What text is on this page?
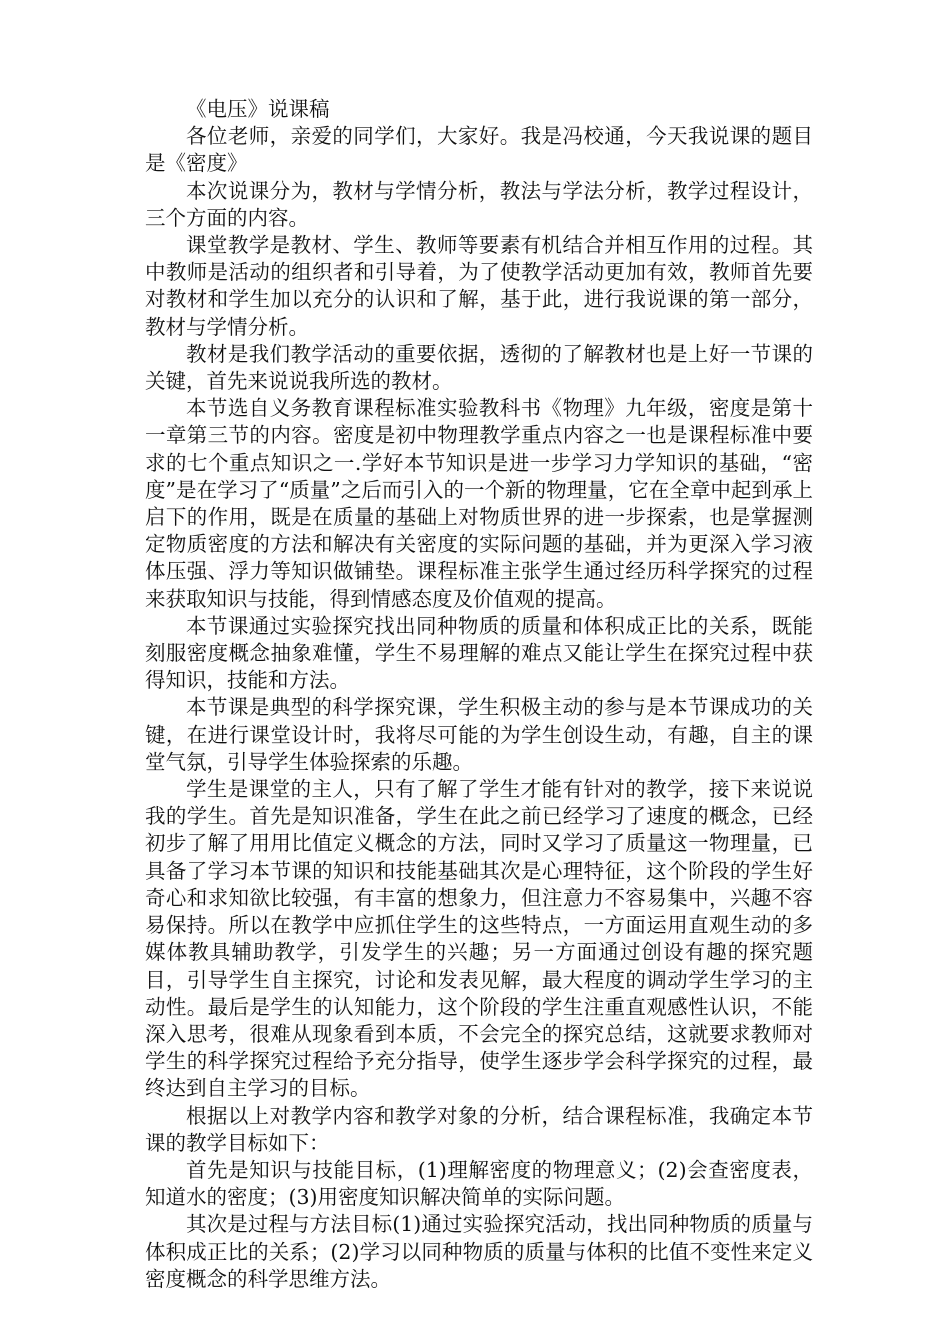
《电压》说课稿

各位老师，亲爱的同学们，大家好。我是冯校通，今天我说课的题目是《密度》

本次说课分为，教材与学情分析，教法与学法分析，教学过程设计，三个方面的内容。

课堂教学是教材、学生、教师等要素有机结合并相互作用的过程。其中教师是活动的组织者和引导着，为了使教学活动更加有效，教师首先要对教材和学生加以充分的认识和了解，基于此，进行我说课的第一部分，教材与学情分析。

教材是我们教学活动的重要依据，透彻的了解教材也是上好一节课的关键，首先来说说我所选的教材。

本节选自义务教育课程标准实验教科书《物理》九年级，密度是第十一章第三节的内容。密度是初中物理教学重点内容之一也是课程标准中要求的七个重点知识之一.学好本节知识是进一步学习力学知识的基础，“密度”是在学习了“质量”之后而引入的一个新的物理量，它在全章中起到承上启下的作用，既是在质量的基础上对物质世界的进一步探索，也是掌握测定物质密度的方法和解决有关密度的实际问题的基础，并为更深入学习液体压强、浮力等知识做铺垫。课程标准主张学生通过经历科学探究的过程来获取知识与技能，得到情感态度及价值观的提高。

本节课通过实验探究找出同种物质的质量和体积成正比的关系，既能刻服密度概念抽象难懂，学生不易理解的难点又能让学生在探究过程中获得知识，技能和方法。

本节课是典型的科学探究课，学生积极主动的参与是本节课成功的关键，在进行课堂设计时，我将尽可能的为学生创设生动，有趣，自主的课堂气氛，引导学生体验探索的乐趣。

学生是课堂的主人，只有了解了学生才能有针对的教学，接下来说说我的学生。首先是知识准备，学生在此之前已经学习了速度的概念，已经初步了解了用用比值定义概念的方法，同时又学习了质量这一物理量，已具备了学习本节课的知识和技能基础其次是心理特征，这个阶段的学生好奇心和求知欲比较强，有丰富的想象力，但注意力不容易集中，兴趣不容易保持。所以在教学中应抓住学生的这些特点，一方面运用直观生动的多媒体教具辅助教学，引发学生的兴趣；另一方面通过创设有趣的探究题目，引导学生自主探究，讨论和发表见解，最大程度的调动学生学习的主动性。最后是学生的认知能力，这个阶段的学生注重直观感性认识，不能深入思考，很难从现象看到本质，不会完全的探究总结，这就要求教师对学生的科学探究过程给予充分指导，使学生逐步学会科学探究的过程，最终达到自主学习的目标。

根据以上对教学内容和教学对象的分析，结合课程标准，我确定本节课的教学目标如下：

首先是知识与技能目标，(1)理解密度的物理意义；(2)会查密度表，知道水的密度；(3)用密度知识解决简单的实际问题。

其次是过程与方法目标(1)通过实验探究活动，找出同种物质的质量与体积成正比的关系；(2)学习以同种物质的质量与体积的比值不变性来定义密度概念的科学思维方法。
